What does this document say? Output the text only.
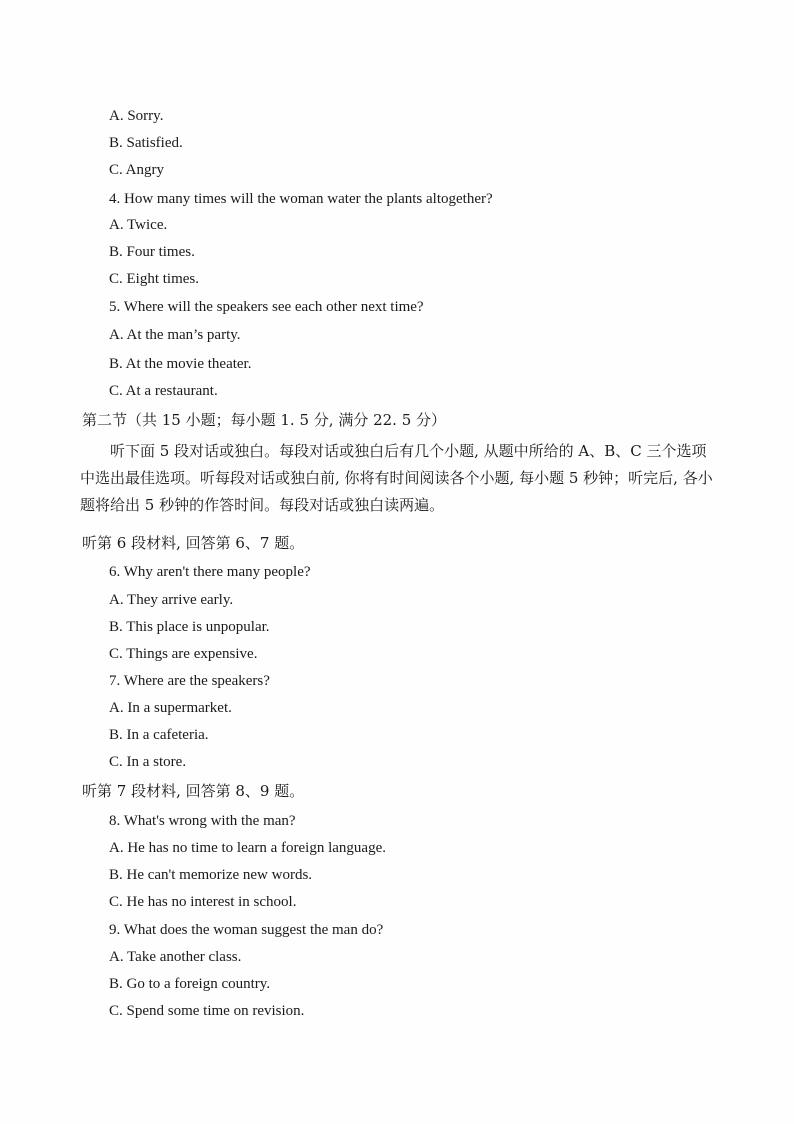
A. Sorry.
B. Satisfied.
C. Angry
4. How many times will the woman water the plants altogether?
A. Twice.
B. Four times.
C. Eight times.
5. Where will the speakers see each other next time?
A. At the man’s party.
B. At the movie theater.
C. At a restaurant.
第二节（共 15 小题；每小题 1. 5 分, 满分 22. 5 分）
听下面 5 段对话或独白。每段对话或独白后有几个小题, 从题中所给的 A、B、C 三个选项中选出最佳选项。听每段对话或独白前, 你将有时间阅读各个小题, 每小题 5 秒钟；听完后, 各小题将给出 5 秒钟的作答时间。每段对话或独白读两遍。
听第 6 段材料, 回答第 6、7 题。
6. Why aren't there many people?
A. They arrive early.
B. This place is unpopular.
C. Things are expensive.
7. Where are the speakers?
A. In a supermarket.
B. In a cafeteria.
C. In a store.
听第 7 段材料, 回答第 8、9 题。
8. What's wrong with the man?
A. He has no time to learn a foreign language.
B. He can't memorize new words.
C. He has no interest in school.
9. What does the woman suggest the man do?
A. Take another class.
B. Go to a foreign country.
C. Spend some time on revision.
